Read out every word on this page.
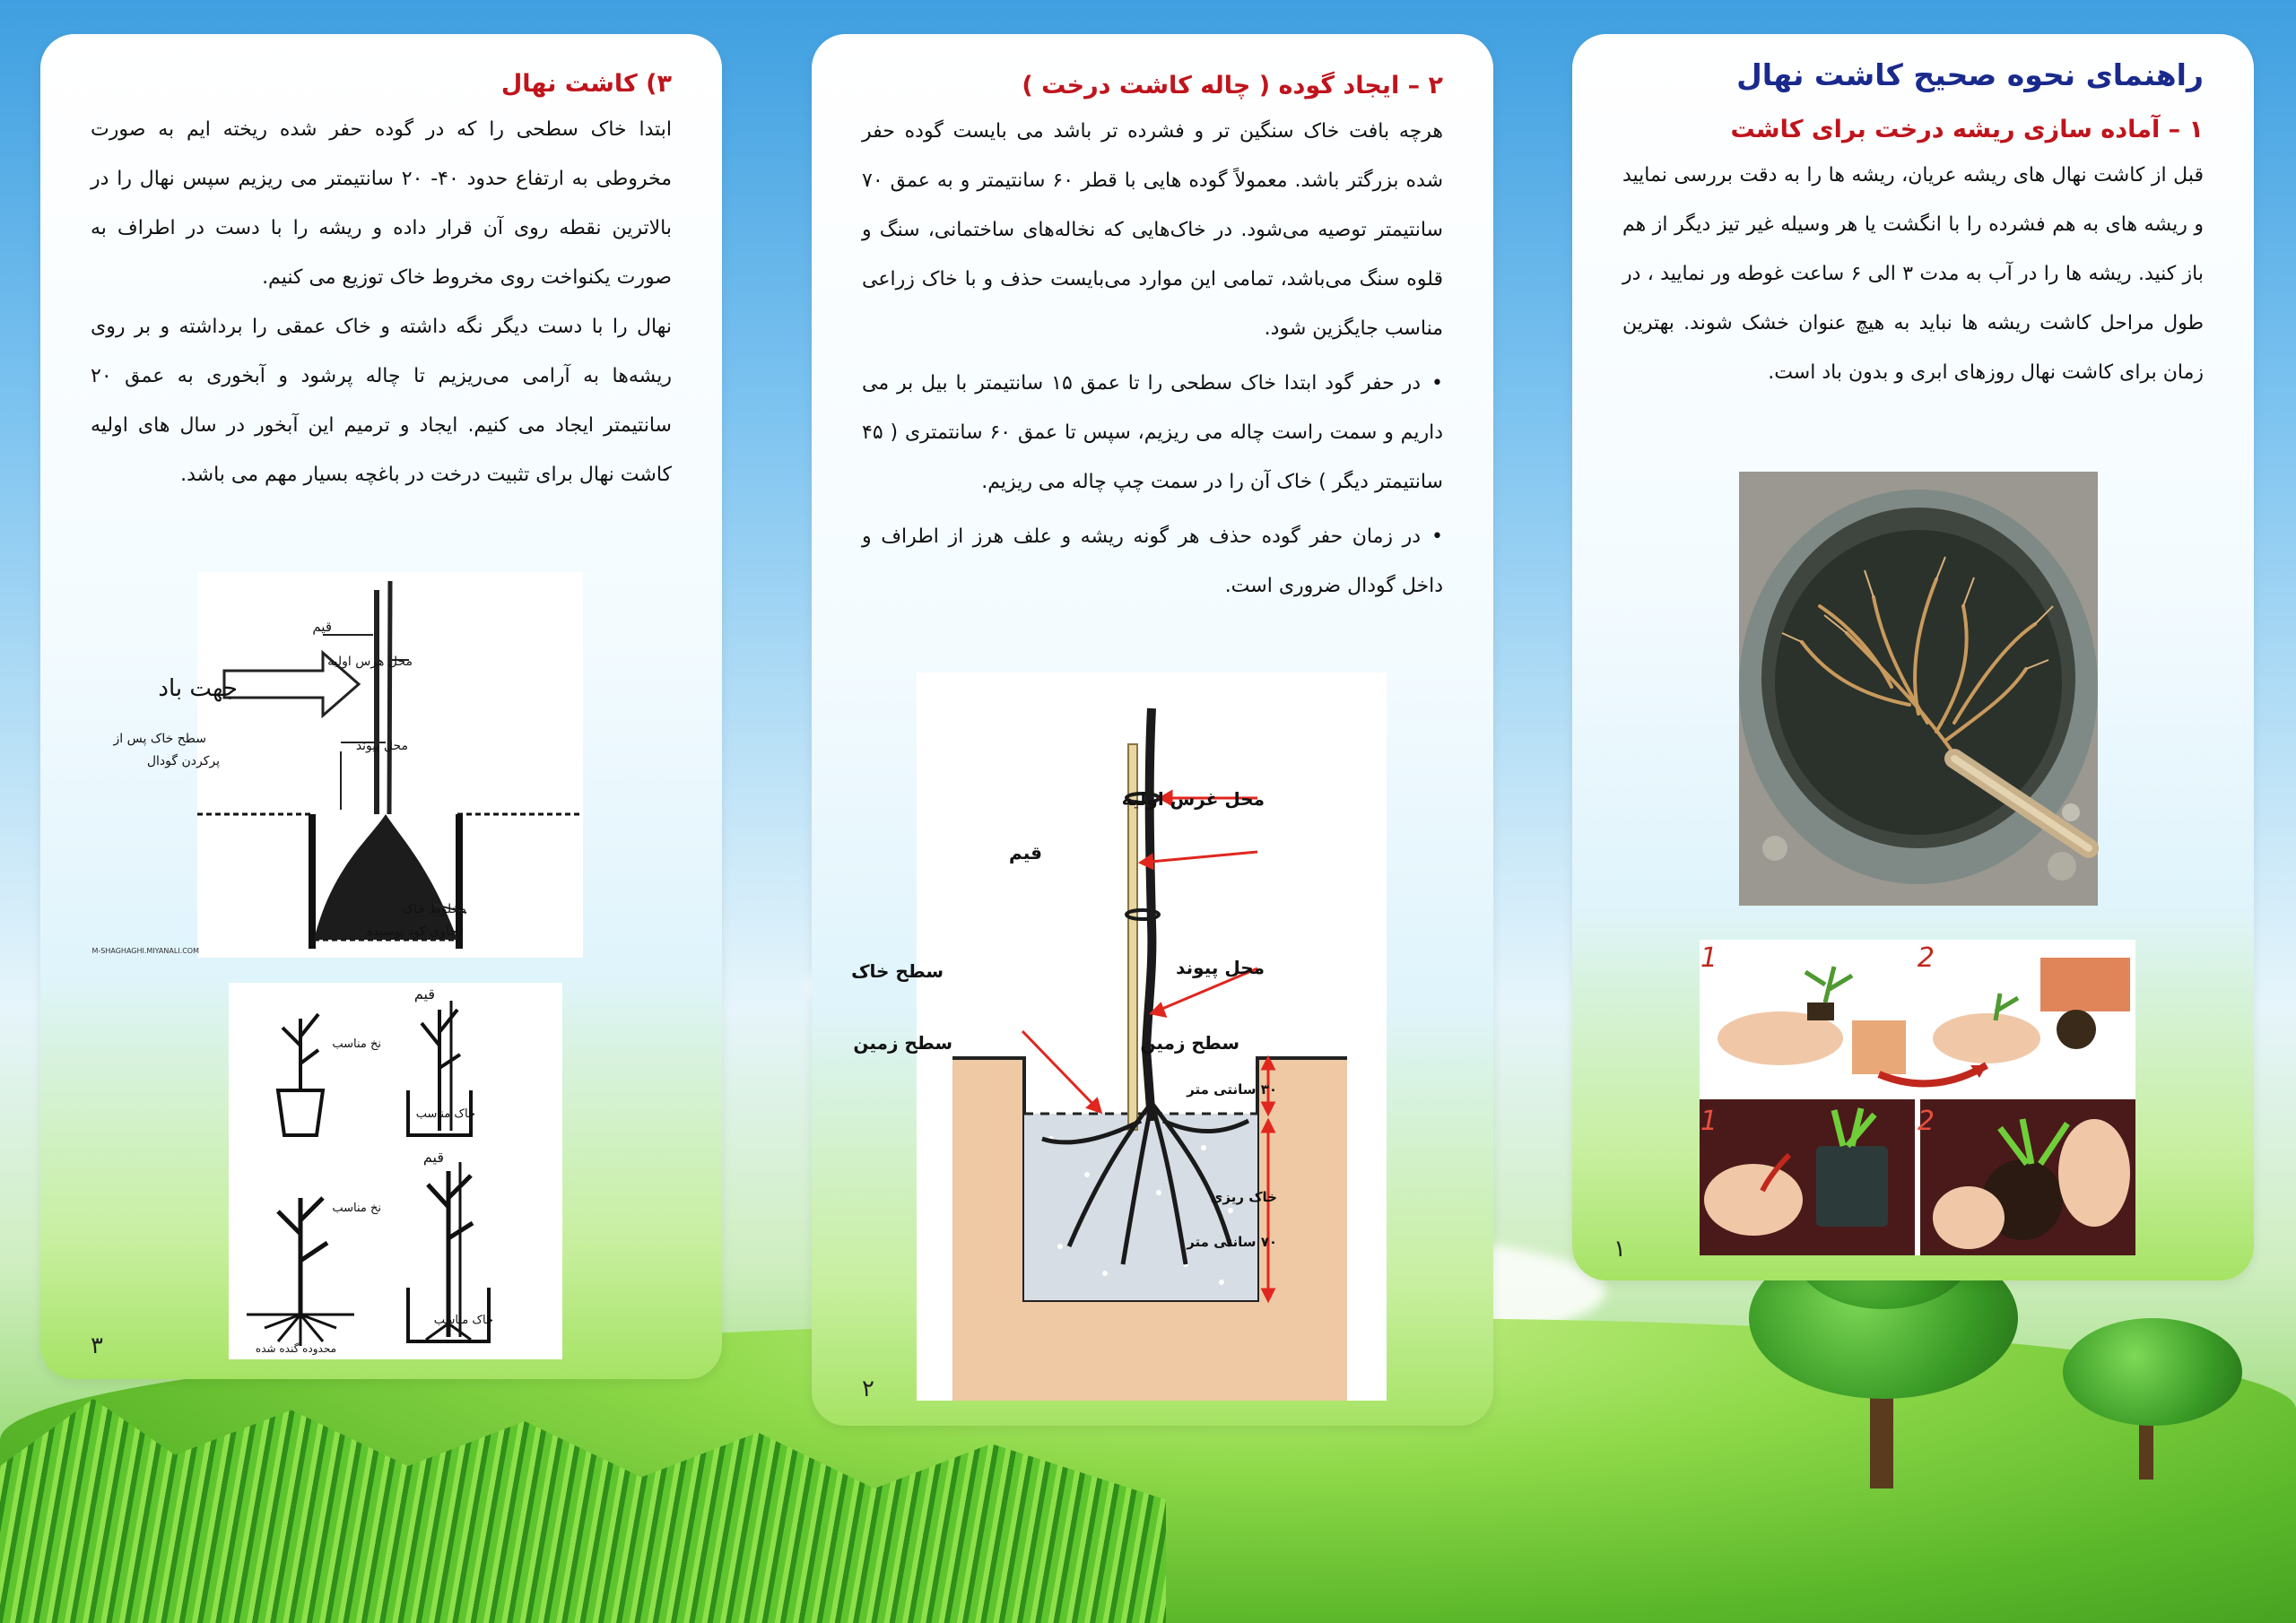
راهنمای نحوه صحیح کاشت نهال
۱ – آماده سازی ریشه درخت برای کاشت

قبل از کاشت نهال های ریشه عریان، ریشه ها را به دقت بررسی نمایید و ریشه های به هم فشرده را با انگشت یا هر وسیله غیر تیز دیگر از هم باز کنید. ریشه ها را در آب به مدت ۳ الی ۶ ساعت غوطه ور نمایید ، در طول مراحل کاشت ریشه ها نباید به هیچ عنوان خشک شوند. بهترین زمان برای کاشت نهال روزهای ابری و بدون باد است.

1	2
1	2
۱
۲ – ایجاد گوده ( چاله کاشت درخت )

هرچه بافت خاک سنگین تر و فشرده تر باشد می بایست گوده حفر شده بزرگتر باشد. معمولاً گوده هایی با قطر ۶۰ سانتیمتر و به عمق ۷۰ سانتیمتر توصیه می‌شود. در خاک‌هایی که نخاله‌های ساختمانی، سنگ و قلوه سنگ می‌باشد، تمامی این موارد می‌بایست حذف و با خاک زراعی مناسب جایگزین شود.

• در حفر گود ابتدا خاک سطحی را تا عمق ۱۵ سانتیمتر با بیل بر می داریم و سمت راست چاله می ریزیم، سپس تا عمق ۶۰ سانتمتری ( ۴۵ سانتیمتر دیگر ) خاک آن را در سمت چپ چاله می ریزیم.

• در زمان حفر گوده حذف هر گونه ریشه و علف هرز از اطراف و داخل گودال ضروری است.

محل غرس اولیه
قیم
محل پیوند
سطح خاک
سطح زمین	سطح زمین
۳۰ سانتی متر
خاک ریزی
۷۰ سانتی متر
۲
۳) کاشت نهال

ابتدا خاک سطحی را که در گوده حفر شده ریخته ایم به صورت مخروطی به ارتفاع حدود ۴۰- ۲۰ سانتیمتر می ریزیم سپس نهال را در بالاترین نقطه روی آن قرار داده و ریشه را با دست در اطراف به صورت یکنواخت روی مخروط خاک توزیع می کنیم.

نهال را با دست دیگر نگه داشته و خاک عمقی را برداشته و بر روی ریشه‌ها به آرامی می‌ریزیم تا چاله پرشود و آبخوری به عمق ۲۰ سانتیمتر ایجاد می کنیم. ایجاد و ترمیم این آبخور در سال های اولیه کاشت نهال برای تثبیت درخت در باغچه بسیار مهم می باشد.

جهت باد
قیم
محل هرس اولیه
محل پیوند
سطح خاک پس از
پرکردن گودال
مخلوط خاک
حاوی کود پوسیده
M-SHAGHAGHI.MIYANALI.COM
قیم
نخ مناسب
خاک مناسب
قیم
نخ مناسب
خاک مناسب
محدوده گنده شده
۳
